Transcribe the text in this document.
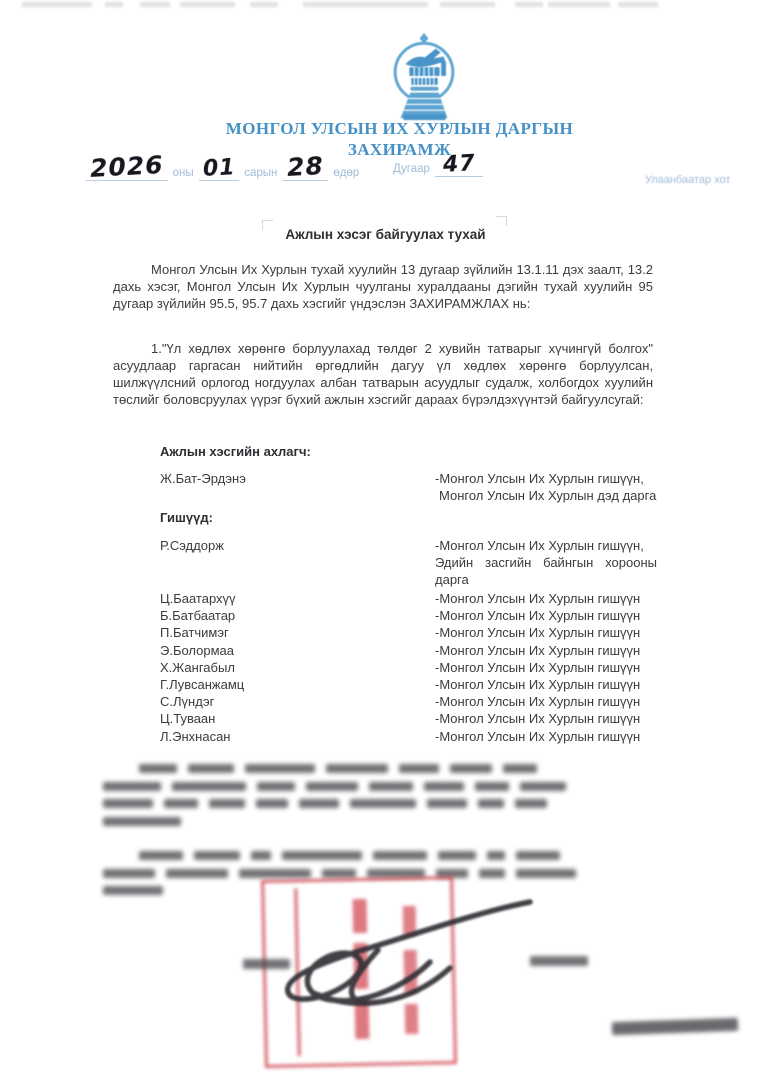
МОНГОЛ УЛСЫН ИХ ХУРЛЫН ДАРГЫН
ЗАХИРАМЖ
2026 оны 01 сарын 28 өдөр	Дугаар 47
Улаанбаатар хот
Ажлын хэсэг байгуулах тухай
Монгол Улсын Их Хурлын тухай хуулийн 13 дугаар зүйлийн 13.1.11 дэх заалт, 13.2 дахь хэсэг, Монгол Улсын Их Хурлын чуулганы хуралдааны дэгийн тухай хуулийн 95 дугаар зүйлийн 95.5, 95.7 дахь хэсгийг үндэслэн ЗАХИРАМЖЛАХ нь:
1."Үл хөдлөх хөрөнгө борлуулахад төлдөг 2 хувийн татварыг хүчингүй болгох" асуудлаар гаргасан нийтийн өргөдлийн дагуу үл хөдлөх хөрөнгө борлуулсан, шилжүүлсний орлогод ногдуулах албан татварын асуудлыг судалж, холбогдох хуулийн төслийг боловсруулах үүрэг бүхий ажлын хэсгийг дараах бүрэлдэхүүнтэй байгуулсугай:
Ажлын хэсгийн ахлагч:
Ж.Бат-Эрдэнэ	-Монгол Улсын Их Хурлын гишүүн,
Монгол Улсын Их Хурлын дэд дарга
Гишүүд:
Р.Сэддорж	-Монгол Улсын Их Хурлын гишүүн,
Эдийн засгийн байнгын хорооны дарга
Ц.Баатархүү	-Монгол Улсын Их Хурлын гишүүн
Б.Батбаатар	-Монгол Улсын Их Хурлын гишүүн
П.Батчимэг	-Монгол Улсын Их Хурлын гишүүн
Э.Болормаа	-Монгол Улсын Их Хурлын гишүүн
Х.Жангабыл	-Монгол Улсын Их Хурлын гишүүн
Г.Лувсанжамц	-Монгол Улсын Их Хурлын гишүүн
С.Лүндэг	-Монгол Улсын Их Хурлын гишүүн
Ц.Туваан	-Монгол Улсын Их Хурлын гишүүн
Л.Энхнасан	-Монгол Улсын Их Хурлын гишүүн
